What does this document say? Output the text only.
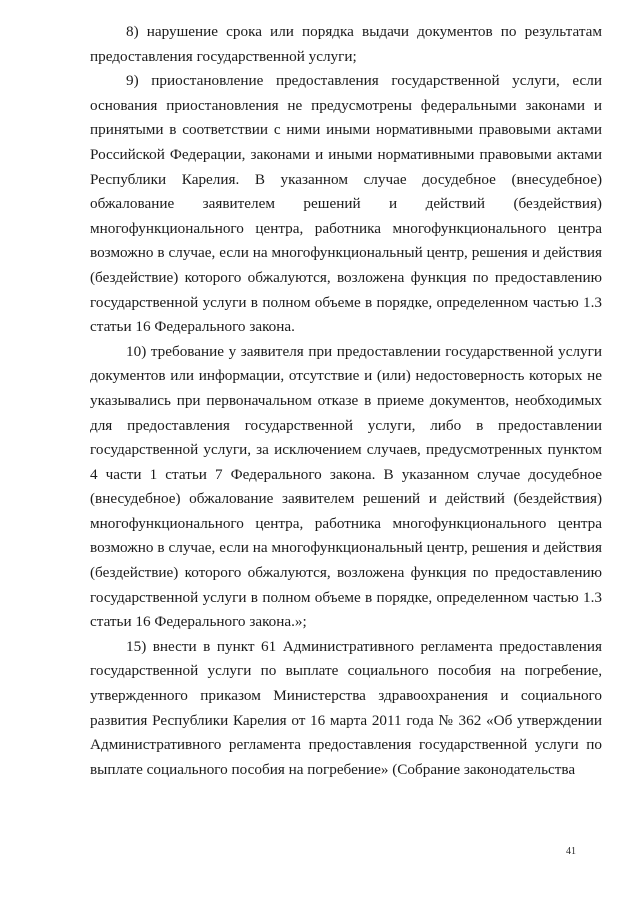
8) нарушение срока или порядка выдачи документов по результатам предоставления государственной услуги;

9) приостановление предоставления государственной услуги, если основания приостановления не предусмотрены федеральными законами и принятыми в соответствии с ними иными нормативными правовыми актами Российской Федерации, законами и иными нормативными правовыми актами Республики Карелия. В указанном случае досудебное (внесудебное) обжалование заявителем решений и действий (бездействия) многофункционального центра, работника многофункционального центра возможно в случае, если на многофункциональный центр, решения и действия (бездействие) которого обжалуются, возложена функция по предоставлению государственной услуги в полном объеме в порядке, определенном частью 1.3 статьи 16 Федерального закона.

10) требование у заявителя при предоставлении государственной услуги документов или информации, отсутствие и (или) недостоверность которых не указывались при первоначальном отказе в приеме документов, необходимых для предоставления государственной услуги, либо в предоставлении государственной услуги, за исключением случаев, предусмотренных пунктом 4 части 1 статьи 7 Федерального закона. В указанном случае досудебное (внесудебное) обжалование заявителем решений и действий (бездействия) многофункционального центра, работника многофункционального центра возможно в случае, если на многофункциональный центр, решения и действия (бездействие) которого обжалуются, возложена функция по предоставлению государственной услуги в полном объеме в порядке, определенном частью 1.3 статьи 16 Федерального закона.»;

15) внести в пункт 61 Административного регламента предоставления государственной услуги по выплате социального пособия на погребение, утвержденного приказом Министерства здравоохранения и социального развития Республики Карелия от 16 марта 2011 года № 362 «Об утверждении Административного регламента предоставления государственной услуги по выплате социального пособия на погребение» (Собрание законодательства

41
